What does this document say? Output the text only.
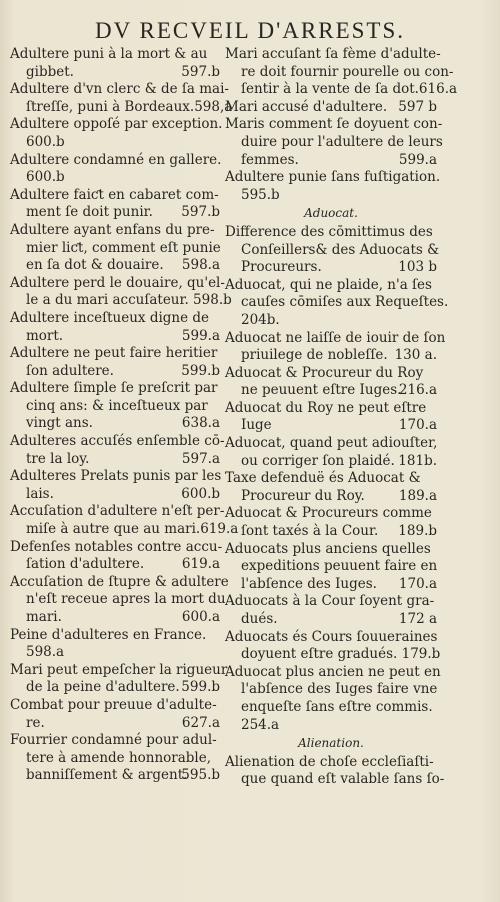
DV RECVEIL D'ARRESTS.
Adultere puni à la mort & au
597.b
gibbet.
Adultere d'vn clerc & de ſa mai-
ſtreſſe, puni à Bordeaux.598,a
Adultere oppoſé par exception.
600.b
Adultere condamné en gallere.
600.b
Adultere faiƈt en cabaret com-
597.b
ment ſe doit punir.
Adultere ayant enfans du pre-
mier liƈt, comment eſt punie
598.a
en ſa dot & douaire.
Adultere perd le douaire, qu'el-
le a du mari accuſateur. 598.b
Adultere inceſtueux digne de
599.a
mort.
Adultere ne peut faire heritier
599.b
ſon adultere.
Adultere ſimple ſe preſcrit par
cinq ans: & inceſtueux par
638.a
vingt ans.
Adulteres accuſés enſemble cō-
597.a
tre la loy.
Adulteres Prelats punis par les
600.b
lais.
Accuſation d'adultere n'eſt per-
miſe à autre que au mari.619.a
Defenſes notables contre accu-
619.a
ſation d'adultere.
Accuſation de ſtupre & adultere
n'eſt receue apres la mort du
600.a
mari.
Peine d'adulteres en France.
598.a
Mari peut empeſcher la rigueur
599.b
de la peine d'adultere.
Combat pour preuue d'adulte-
627.a
re.
Fourrier condamné pour adul-
tere à amende honnorable,
595.b
banniſſement & argent.
Mari accuſant ſa fème d'adulte-
re doit fournir pourelle ou con-
ſentir à la vente de ſa dot.616.a
597 b
Mari accusé d'adultere.
Maris comment ſe doyuent con-
duire pour l'adultere de leurs
599.a
femmes.
Adultere punie ſans fuſtigation.
595.b
Aduocat.
Difference des cōmittimus des
Conſeillers& des Aduocats &
103 b
Procureurs.
Aduocat, qui ne plaide, n'a ſes
cauſes cōmiſes aux Requeſtes.
204b.
Aduocat ne laiſſe de iouir de ſon
130 a.
priuilege de nobleſſe.
Aduocat & Procureur du Roy
216.a
ne peuuent eſtre Iuges.
Aduocat du Roy ne peut eſtre
170.a
Iuge
Aduocat, quand peut adiouſter,
181b.
ou corriger ſon plaidé.
Taxe defenduë és Aduocat &
189.a
Procureur du Roy.
Aduocat & Procureurs comme
189.b
ſont taxés à la Cour.
Aduocats plus anciens quelles
expeditions peuuent faire en
170.a
l'abſence des Iuges.
Aduocats à la Cour ſoyent gra-
172 a
dués.
Aduocats és Cours ſouueraines
doyuent eſtre gradués. 179.b
Aduocat plus ancien ne peut en
l'abſence des Iuges faire vne
enqueſte ſans eſtre commis.
254.a
Alienation.
Alienation de choſe eccleſiaſti-
que quand eſt valable ſans ſo-
